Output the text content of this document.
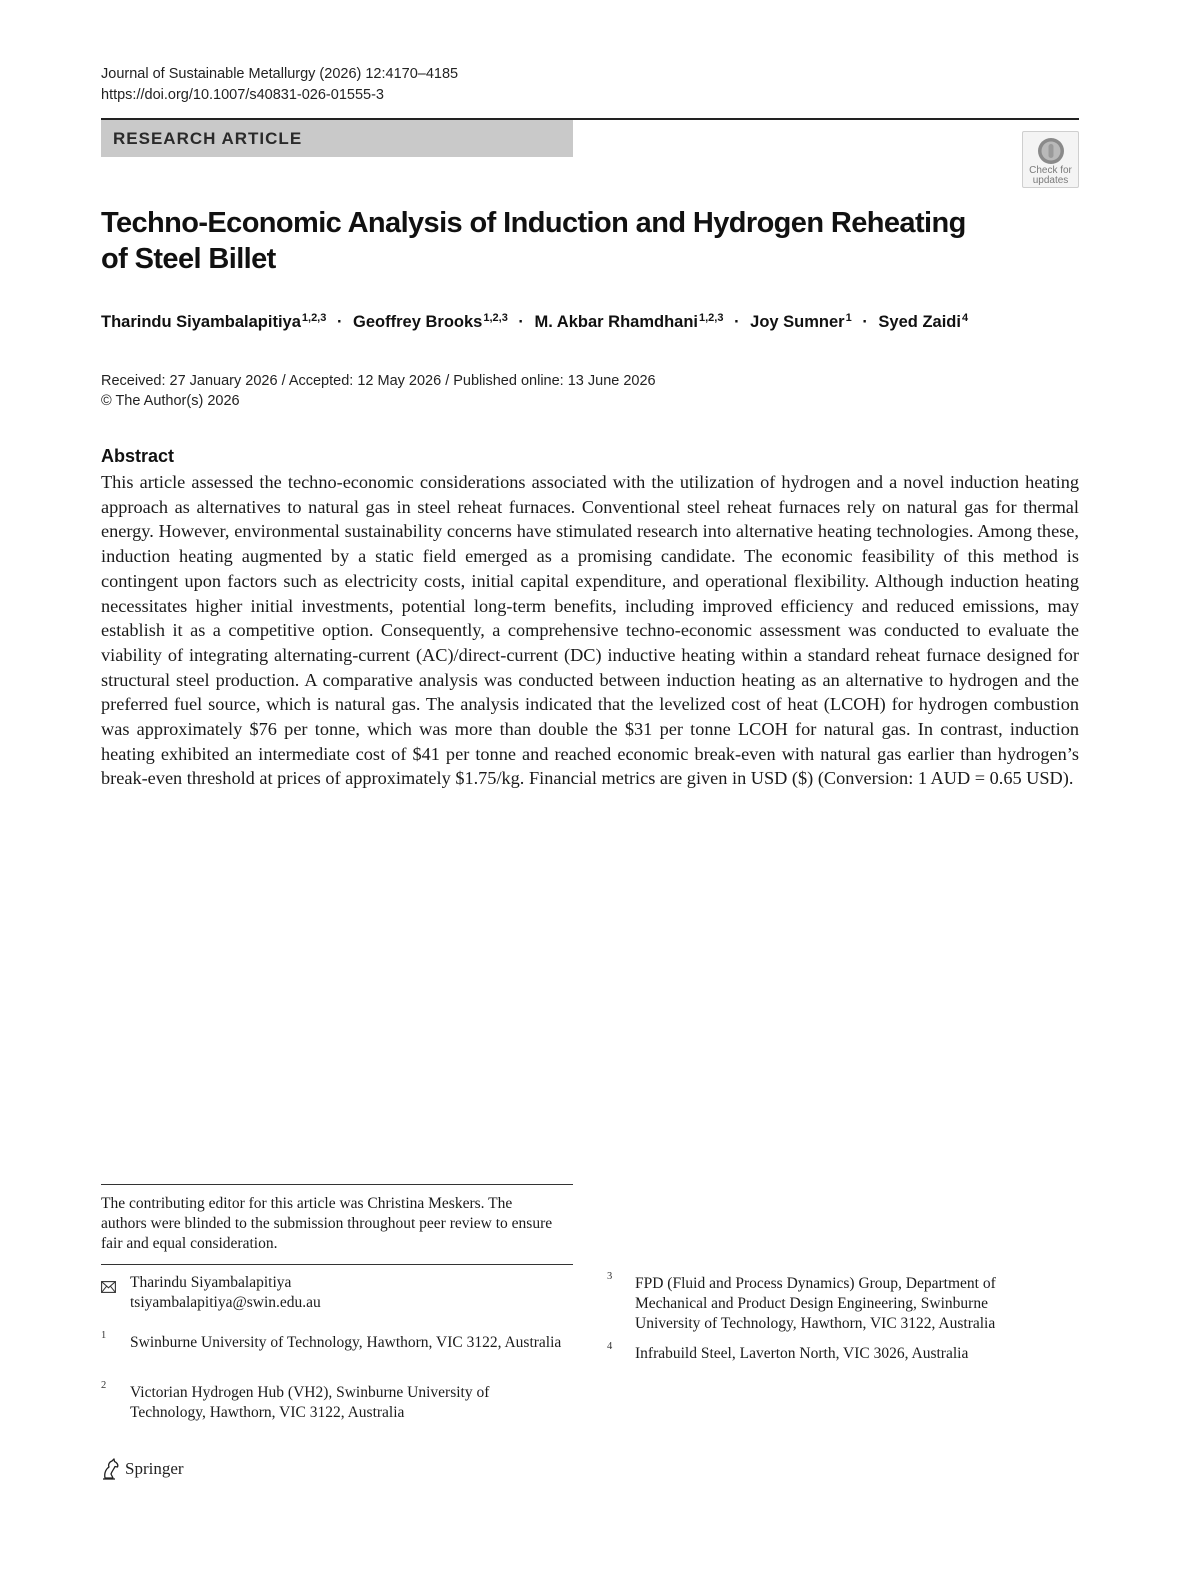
Journal of Sustainable Metallurgy (2026) 12:4170–4185
https://doi.org/10.1007/s40831-026-01555-3
RESEARCH ARTICLE
Check for
updates
Techno-Economic Analysis of Induction and Hydrogen Reheating
of Steel Billet
Tharindu Siyambalapitiya$^{1,2,3}$ · Geoffrey Brooks$^{1,2,3}$ · M. Akbar Rhamdhani$^{1,2,3}$ · Joy Sumner$^1$ · Syed Zaidi$^4$
Received: 27 January 2026 / Accepted: 12 May 2026 / Published online: 13 June 2026
© The Author(s) 2026
Abstract
This article assessed the techno-economic considerations associated with the utilization of hydrogen and a novel induction heating approach as alternatives to natural gas in steel reheat furnaces. Conventional steel reheat furnaces rely on natural gas for thermal energy. However, environmental sustainability concerns have stimulated research into alternative heating technologies. Among these, induction heating augmented by a static field emerged as a promising candidate. The economic feasibility of this method is contingent upon factors such as electricity costs, initial capital expenditure, and operational flexibility. Although induction heating necessitates higher initial investments, potential long-term benefits, including improved efficiency and reduced emissions, may establish it as a competitive option. Consequently, a comprehensive techno-economic assessment was conducted to evaluate the viability of integrating alternating-current (AC)/direct-current (DC) inductive heating within a standard reheat furnace designed for structural steel production. A comparative analysis was conducted between induction heating as an alternative to hydrogen and the preferred fuel source, which is natural gas. The analysis indicated that the levelized cost of heat (LCOH) for hydrogen combustion was approximately $76 per tonne, which was more than double the $31 per tonne LCOH for natural gas. In contrast, induction heating exhibited an intermediate cost of $41 per tonne and reached economic break-even with natural gas earlier than hydrogen’s break-even threshold at prices of approximately $1.75/kg. Financial metrics are given in USD ($) (Conversion: 1 AUD = 0.65 USD).
The contributing editor for this article was Christina Meskers. The authors were blinded to the submission throughout peer review to ensure fair and equal consideration.
Tharindu Siyambalapitiya
tsiyambalapitiya@swin.edu.au
1 Swinburne University of Technology, Hawthorn, VIC 3122, Australia
2 Victorian Hydrogen Hub (VH2), Swinburne University of Technology, Hawthorn, VIC 3122, Australia
3 FPD (Fluid and Process Dynamics) Group, Department of Mechanical and Product Design Engineering, Swinburne University of Technology, Hawthorn, VIC 3122, Australia
4 Infrabuild Steel, Laverton North, VIC 3026, Australia
Springer
